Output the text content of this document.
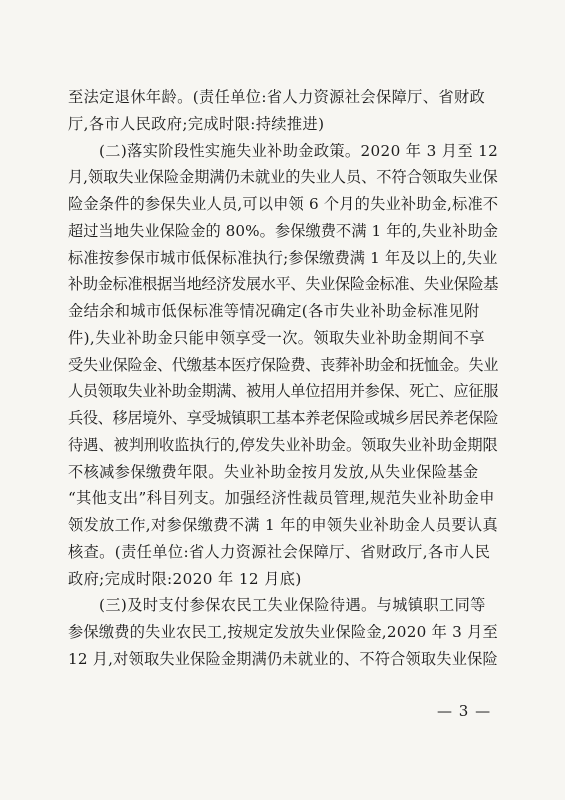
至法定退休年龄。(责任单位:省人力资源社会保障厅、省财政
厅,各市人民政府;完成时限:持续推进)
(二)落实阶段性实施失业补助金政策。2020 年 3 月至 12
月,领取失业保险金期满仍未就业的失业人员、不符合领取失业保
险金条件的参保失业人员,可以申领 6 个月的失业补助金,标准不
超过当地失业保险金的 80%。参保缴费不满 1 年的,失业补助金
标准按参保市城市低保标准执行;参保缴费满 1 年及以上的,失业
补助金标准根据当地经济发展水平、失业保险金标准、失业保险基
金结余和城市低保标准等情况确定(各市失业补助金标准见附
件),失业补助金只能申领享受一次。领取失业补助金期间不享
受失业保险金、代缴基本医疗保险费、丧葬补助金和抚恤金。失业
人员领取失业补助金期满、被用人单位招用并参保、死亡、应征服
兵役、移居境外、享受城镇职工基本养老保险或城乡居民养老保险
待遇、被判刑收监执行的,停发失业补助金。领取失业补助金期限
不核减参保缴费年限。失业补助金按月发放,从失业保险基金
“其他支出”科目列支。加强经济性裁员管理,规范失业补助金申
领发放工作,对参保缴费不满 1 年的申领失业补助金人员要认真
核查。(责任单位:省人力资源社会保障厅、省财政厅,各市人民
政府;完成时限:2020 年 12 月底)
(三)及时支付参保农民工失业保险待遇。与城镇职工同等
参保缴费的失业农民工,按规定发放失业保险金,2020 年 3 月至
12 月,对领取失业保险金期满仍未就业的、不符合领取失业保险
— 3 —
